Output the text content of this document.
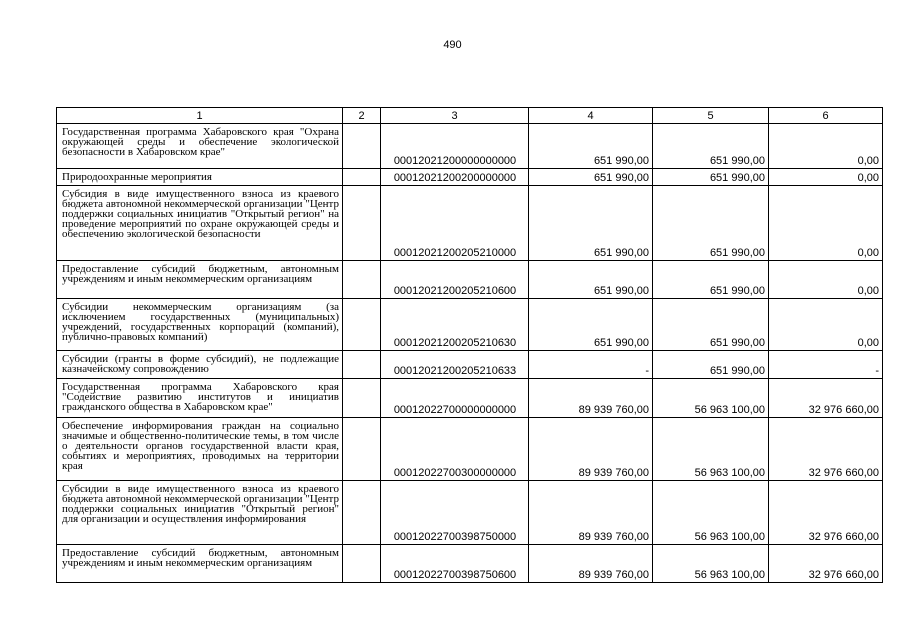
490
1	2	3	4	5	6
Государственная программа Хабаровского края "Охрана окружающей среды и обеспечение экологической безопасности в Хабаровском крае"		00012021200000000000	651 990,00	651 990,00	0,00
Природоохранные мероприятия		00012021200200000000	651 990,00	651 990,00	0,00
Субсидия в виде имущественного взноса из краевого бюджета автономной некоммерческой организации "Центр поддержки социальных инициатив "Открытый регион" на проведение мероприятий по охране окружающей среды и обеспечению экологической безопасности		00012021200205210000	651 990,00	651 990,00	0,00
Предоставление субсидий бюджетным, автономным учреждениям и иным некоммерческим организациям		00012021200205210600	651 990,00	651 990,00	0,00
Субсидии некоммерческим организациям (за исключением государственных (муниципальных) учреждений, государственных корпораций (компаний), публично-правовых компаний)		00012021200205210630	651 990,00	651 990,00	0,00
Субсидии (гранты в форме субсидий), не подлежащие казначейскому сопровождению		00012021200205210633	-	651 990,00	-
Государственная программа Хабаровского края "Содействие развитию институтов и инициатив гражданского общества в Хабаровском крае"		00012022700000000000	89 939 760,00	56 963 100,00	32 976 660,00
Обеспечение информирования граждан на социально значимые и общественно-политические темы, в том числе о деятельности органов государственной власти края, событиях и мероприятиях, проводимых на территории края		00012022700300000000	89 939 760,00	56 963 100,00	32 976 660,00
Субсидии в виде имущественного взноса из краевого бюджета автономной некоммерческой организации "Центр поддержки социальных инициатив "Открытый регион" для организации и осуществления информирования		00012022700398750000	89 939 760,00	56 963 100,00	32 976 660,00
Предоставление субсидий бюджетным, автономным учреждениям и иным некоммерческим организациям		00012022700398750600	89 939 760,00	56 963 100,00	32 976 660,00
